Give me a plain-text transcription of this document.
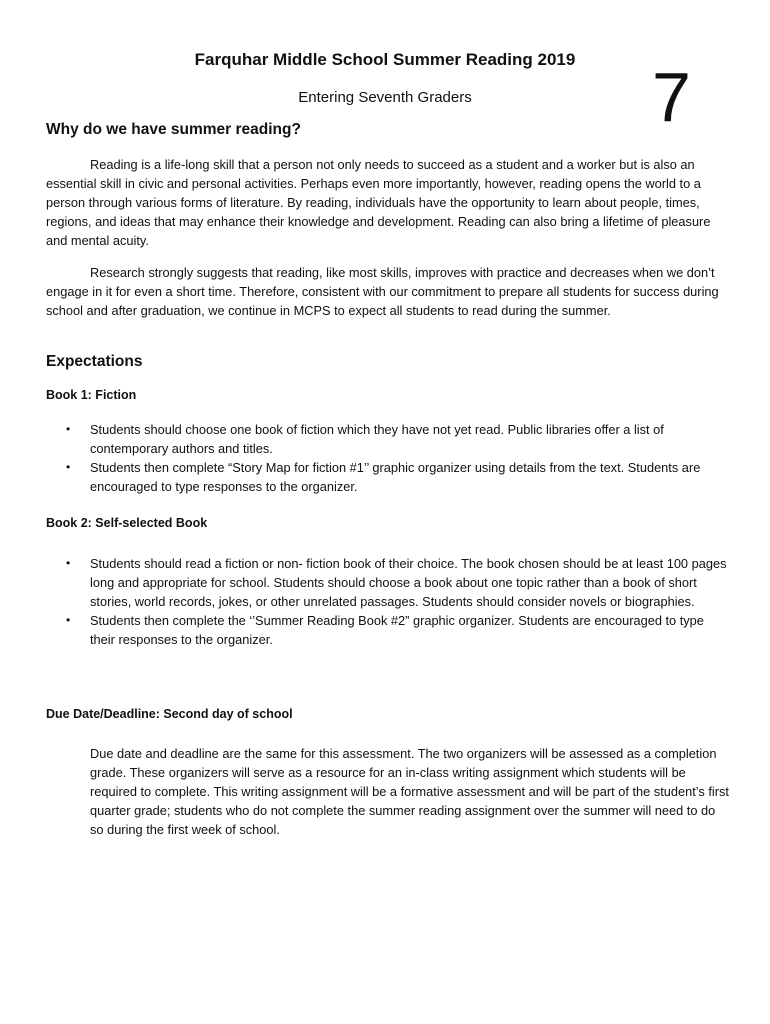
Farquhar Middle School Summer Reading 2019
Entering Seventh Graders	7
Why do we have summer reading?

Reading is a life-long skill that a person not only needs to succeed as a student and a worker but is also an essential skill in civic and personal activities. Perhaps even more importantly, however, reading opens the world to a person through various forms of literature. By reading, individuals have the opportunity to learn about people, times, regions, and ideas that may enhance their knowledge and development. Reading can also bring a lifetime of pleasure and mental acuity.

Research strongly suggests that reading, like most skills, improves with practice and decreases when we don’t engage in it for even a short time. Therefore, consistent with our commitment to prepare all students for success during school and after graduation, we continue in MCPS to expect all students to read during the summer.

Expectations
Book 1: Fiction
• Students should choose one book of fiction which they have not yet read. Public libraries offer a list of contemporary authors and titles.
• Students then complete “Story Map for fiction #1’’ graphic organizer using details from the text. Students are encouraged to type responses to the organizer.
Book 2: Self-selected Book
• Students should read a fiction or non- fiction book of their choice. The book chosen should be at least 100 pages long and appropriate for school. Students should choose a book about one topic rather than a book of short stories, world records, jokes, or other unrelated passages. Students should consider novels or biographies.
• Students then complete the ‘’Summer Reading Book #2” graphic organizer. Students are encouraged to type their responses to the organizer.
Due Date/Deadline: Second day of school

Due date and deadline are the same for this assessment. The two organizers will be assessed as a completion grade. These organizers will serve as a resource for an in-class writing assignment which students will be required to complete. This writing assignment will be a formative assessment and will be part of the student’s first quarter grade; students who do not complete the summer reading assignment over the summer will need to do so during the first week of school.
